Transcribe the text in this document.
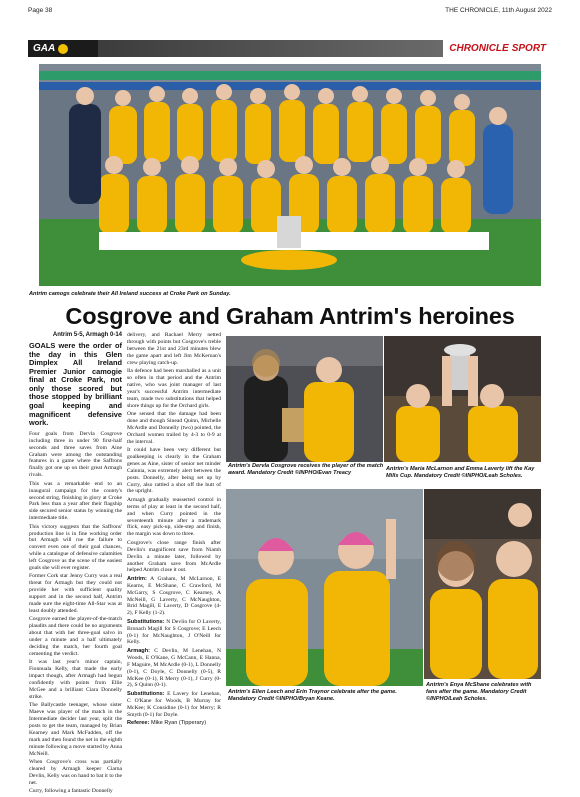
Page 38	THE CHRONICLE, 11th August 2022
GAA	CHRONICLE SPORT
Antrim camogs celebrate their All Ireland success at Croke Park on Sunday.
Cosgrove and Graham Antrim's heroines
Antrim's Dervla Cosgrove receives the player of the match award. Mandatory Credit ©INPHO/Evan Treacy
Antrim's Maria McLarnon and Emma Laverty lift the Kay Mills Cup. Mandatory Credit ©INPHO/Leah Scholes.
Antrim's Ellen Leech and Erin Traynor celebrate after the game. Mandatory Credit ©INPHO/Bryan Keane.
Antrim's Enya McShane celebrates with fans after the game. Mandatory Credit ©INPHO/Leah Scholes.
Antrim 5-5, Armagh 0-14
GOALS were the order of the day in this Glen Dimplex All Ireland Premier Junior camogie final at Croke Park, not only those scored but those stopped by brilliant goal keeping and magnificent defensive work.

Four goals from Dervla Cosgrove including three in under 90 first-half seconds and three saves from Aine Graham were among the outstanding features in a game where the Saffrons finally got one up on their great Armagh rivals.

This was a remarkable end to an inaugural campaign for the county's second string, finishing in glory at Croke Park less than a year after their flagship side secured senior status by winning the intermediate title.

This victory suggests that the Saffrons' production line is in fine working order but Armagh will rue the failure to convert even one of their goal chances, while a catalogue of defensive calamities left Cosgrove as the scene of the easiest goals she will ever register.

Former Cork star Jenny Curry was a real threat for Armagh but they could not provide her with sufficient quality support and in the second half, Antrim made sure the eight-time All-Star was at least doubly attended.

Cosgrove earned the player-of-the-match plaudits and there could be no arguments about that with her three-goal salvo in under a minute and a half ultimately deciding the match, her fourth goal cementing the verdict.

It was last year's minor captain, Fionnuala Kelly, that made the early impact though, after Armagh had begun confidently with points from Ellie McGee and a brilliant Ciara Donnelly strike.

The Ballycastle teenager, whose sister Maeve was player of the match in the Intermediate decider last year, split the posts to get the team, managed by Brian Kearney and Mark McFadden, off the mark and then found the net in the eighth minute following a move started by Anna McNeill.

When Cosgrove's cross was partially cleared by Armagh keeper Ciarna Devlin, Kelly was on hand to bat it to the net.

Curry, following a fantastic Donnelly

delivery, and Rachael Merry netted through with points but Cosgrove's treble between the 21st and 23rd minutes blew the game apart and left Jim McKernan's crew playing catch-up.

Ila defence had been marshalled as a unit so often in that period and the Antrim native, who was joint manager of last year's successful Antrim intermediate team, made two substitutions that helped shore things up for the Orchard girls.

One sensed that the damage had been done and though Sinead Quinn, Michelle McArdle and Donnelly (two) pointed, the Orchard women trailed by 4-3 to 0-9 at the interval.

It could have been very different but goalkeeping is clearly in the Graham genes as Aine, sister of senior net minder Cainnia, was extremely alert between the posts. Donnelly, after being set up by Curry, also rattled a shot off the butt of the upright.

Armagh gradually reasserted control in terms of play at least in the second half, and when Curry pointed in the seventeenth minute after a trademark flick, easy pick-up, side-step and finish, the margin was down to three.

Cosgrove's close range finish after Devlin's magnificent save from Niamh Devlin a minute later, followed by another Graham save from McArdle helped Antrim close it out.

Antrim: A Graham, M McLarnon, E Kearns, E McShane, C Crawford, M McGarry, S Cosgrove, C Kearney, A McNeill, G Laverty, C McNaughton, Brid Magill, E Laverty, D Cosgrove (4-2), F Kelly (1-2).

Substitutions: N Devlin for O Laverty, Bronach Magill for S Cosgrove; E Leech (0-1) for McNaughton, J O'Neill for Kelly.

Armagh: C Devlin, M Lenehan, N Woods, E O'Kane, G McCann, E Hanna, F Maguire, M McArdle (0-1), L Donnelly (0-1), C Doyle, C Donnelly (0-5), R McKee (0-1), R Merry (0-1), J Curry (0-2), S Quinn (0-1).

Substitutions: E Lavery for Lenehan, C O'Kane for Woods, B Murray for McKee; K Considine (0-1) for Merry; R Smyth (0-1) for Doyle.

Referee: Mike Ryan (Tipperary)
